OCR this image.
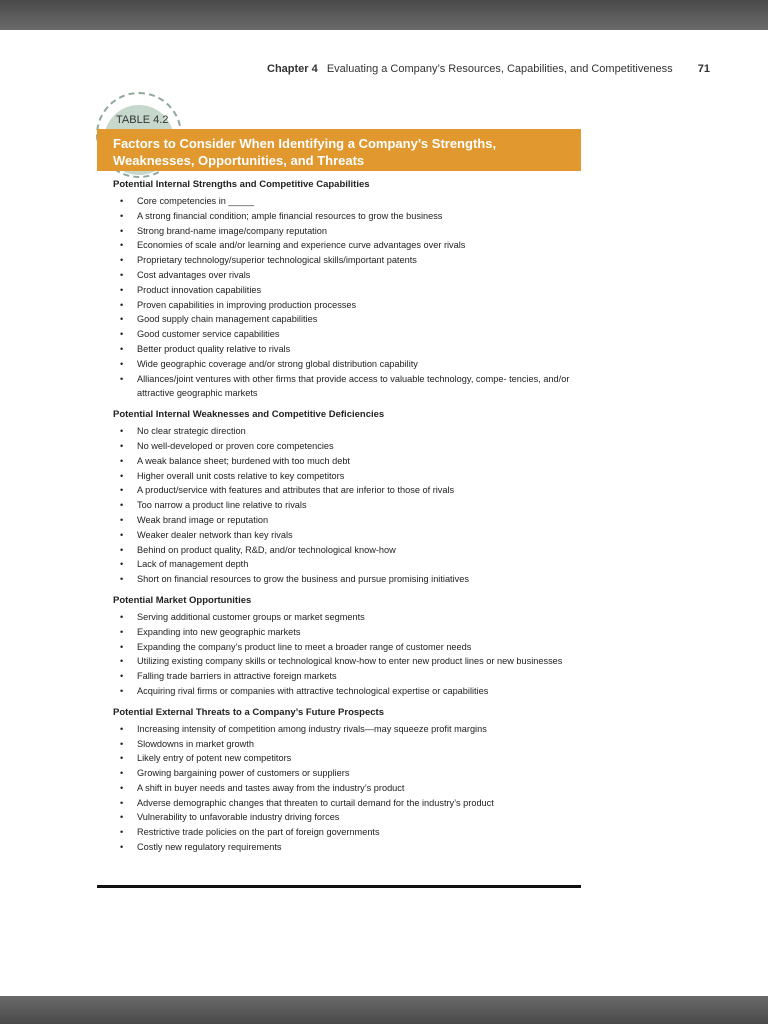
Chapter 4 Evaluating a Company’s Resources, Capabilities, and Competitiveness 71
TABLE 4.2
Factors to Consider When Identifying a Company’s Strengths, Weaknesses, Opportunities, and Threats
Potential Internal Strengths and Competitive Capabilities
• Core competencies in _____
• A strong financial condition; ample financial resources to grow the business
• Strong brand-name image/company reputation
• Economies of scale and/or learning and experience curve advantages over rivals
• Proprietary technology/superior technological skills/important patents
• Cost advantages over rivals
• Product innovation capabilities
• Proven capabilities in improving production processes
• Good supply chain management capabilities
• Good customer service capabilities
• Better product quality relative to rivals
• Wide geographic coverage and/or strong global distribution capability
• Alliances/joint ventures with other firms that provide access to valuable technology, compe- tencies, and/or attractive geographic markets
Potential Internal Weaknesses and Competitive Deficiencies
• No clear strategic direction
• No well-developed or proven core competencies
• A weak balance sheet; burdened with too much debt
• Higher overall unit costs relative to key competitors
• A product/service with features and attributes that are inferior to those of rivals
• Too narrow a product line relative to rivals
• Weak brand image or reputation
• Weaker dealer network than key rivals
• Behind on product quality, R&D, and/or technological know-how
• Lack of management depth
• Short on financial resources to grow the business and pursue promising initiatives
Potential Market Opportunities
• Serving additional customer groups or market segments
• Expanding into new geographic markets
• Expanding the company’s product line to meet a broader range of customer needs
• Utilizing existing company skills or technological know-how to enter new product lines or new businesses
• Falling trade barriers in attractive foreign markets
• Acquiring rival firms or companies with attractive technological expertise or capabilities
Potential External Threats to a Company’s Future Prospects
• Increasing intensity of competition among industry rivals—may squeeze profit margins
• Slowdowns in market growth
• Likely entry of potent new competitors
• Growing bargaining power of customers or suppliers
• A shift in buyer needs and tastes away from the industry’s product
• Adverse demographic changes that threaten to curtail demand for the industry’s product
• Vulnerability to unfavorable industry driving forces
• Restrictive trade policies on the part of foreign governments
• Costly new regulatory requirements
